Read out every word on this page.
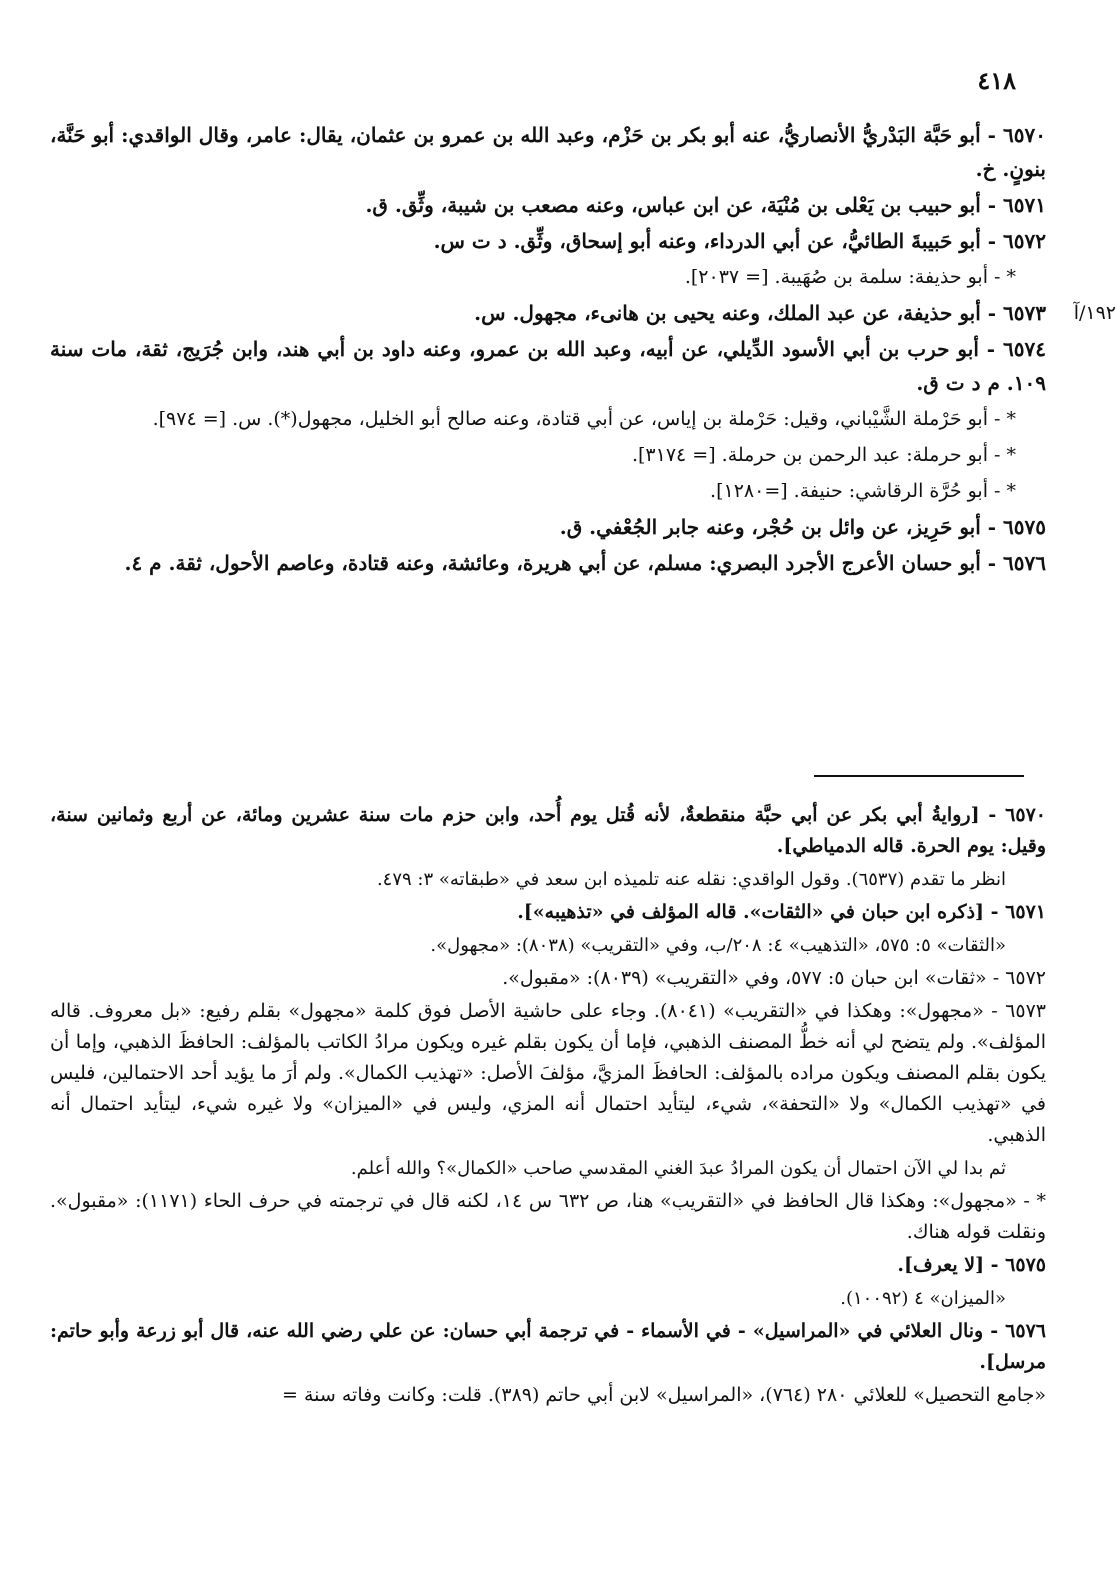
٤١٨
٦٥٧٠ - أبو حَبَّة البَدْريُّ الأنصاريُّ، عنه أبو بكر بن حَزْم، وعبد الله بن عمرو بن عثمان، يقال: عامر، وقال الواقدي: أبو حَنَّة، بنونٍ. خ.
٦٥٧١ - أبو حبيب بن يَعْلى بن مُنْيَة، عن ابن عباس، وعنه مصعب بن شيبة، وثِّق. ق.
٦٥٧٢ - أبو حَبيبةَ الطائيُّ، عن أبي الدرداء، وعنه أبو إسحاق، وثِّق. د ت س.
* - أبو حذيفة: سلمة بن صُهَيبة. [= ٢٠٣٧].
٦٥٧٣ - أبو حذيفة، عن عبد الملك، وعنه يحيى بن هانىء، مجهول. س. ١٩٢/آ
٦٥٧٤ - أبو حرب بن أبي الأسود الدِّيلي، عن أبيه، وعبد الله بن عمرو، وعنه داود بن أبي هند، وابن جُرَيج، ثقة، مات سنة ١٠٩. م د ت ق.
* - أبو حَرْملة الشَّيْباني، وقيل: حَرْملة بن إياس، عن أبي قتادة، وعنه صالح أبو الخليل، مجهول(*). س. [= ٩٧٤].
* - أبو حرملة: عبد الرحمن بن حرملة. [= ٣١٧٤].
* - أبو حُرَّة الرقاشي: حنيفة. [=١٢٨٠].
٦٥٧٥ - أبو حَرِيز، عن وائل بن حُجْر، وعنه جابر الجُعْفي. ق.
٦٥٧٦ - أبو حسان الأعرج الأجرد البصري: مسلم، عن أبي هريرة، وعائشة، وعنه قتادة، وعاصم الأحول، ثقة. م ٤.
٦٥٧٠ - [روايةُ أبي بكر عن أبي حبَّة منقطعةٌ، لأنه قُتل يوم أُحد، وابن حزم مات سنة عشرين ومائة، عن أربع وثمانين سنة، وقيل: يوم الحرة. قاله الدمياطي].
انظر ما تقدم (٦٥٣٧). وقول الواقدي: نقله عنه تلميذه ابن سعد في «طبقاته» ٣: ٤٧٩.
٦٥٧١ - [ذكره ابن حبان في «الثقات». قاله المؤلف في «تذهيبه»].
«الثقات» ٥: ٥٧٥، «التذهيب» ٤: ٢٠٨/ب، وفي «التقريب» (٨٠٣٨): «مجهول».
٦٥٧٢ - «ثقات» ابن حبان ٥: ٥٧٧، وفي «التقريب» (٨٠٣٩): «مقبول».
٦٥٧٣ - «مجهول»: وهكذا في «التقريب» (٨٠٤١). وجاء على حاشية الأصل فوق كلمة «مجهول» بقلم رفيع: «بل معروف. قاله المؤلف». ولم يتضح لي أنه خطُّ المصنف الذهبي، فإما أن يكون بقلم غيره ويكون مرادُ الكاتب بالمؤلف: الحافظَ الذهبي، وإما أن يكون بقلم المصنف ويكون مراده بالمؤلف: الحافظَ المزيَّ، مؤلفَ الأصل: «تهذيب الكمال». ولم أرَ ما يؤيد أحد الاحتمالين، فليس في «تهذيب الكمال» ولا «التحفة»، شيء، ليتأيد احتمال أنه المزي، وليس في «الميزان» ولا غيره شيء، ليتأيد احتمال أنه الذهبي.
ثم بدا لي الآن احتمال أن يكون المرادُ عبدَ الغني المقدسي صاحب «الكمال»؟ والله أعلم.
* - «مجهول»: وهكذا قال الحافظ في «التقريب» هنا، ص ٦٣٢ س ١٤، لكنه قال في ترجمته في حرف الحاء (١١٧١): «مقبول». ونقلت قوله هناك.
٦٥٧٥ - [لا يعرف].
«الميزان» ٤ (١٠٠٩٢).
٦٥٧٦ - ونال العلائي في «المراسيل» - في الأسماء - في ترجمة أبي حسان: عن علي رضي الله عنه، قال أبو زرعة وأبو حاتم: مرسل].
«جامع التحصيل» للعلائي ٢٨٠ (٧٦٤)، «المراسيل» لابن أبي حاتم (٣٨٩). قلت: وكانت وفاته سنة =
